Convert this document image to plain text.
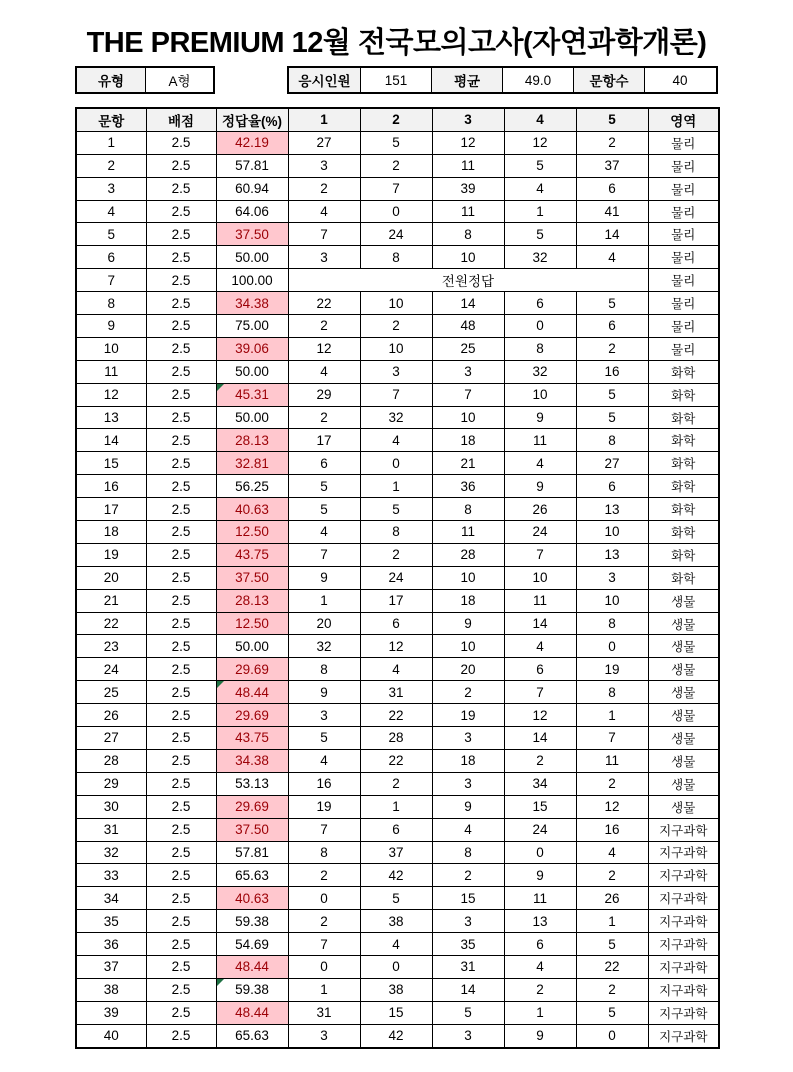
THE PREMIUM 12월 전국모의고사(자연과학개론)
유형	A형	응시인원	151	평균	49.0	문항수	40
문항	배점	정답율(%)	1	2	3	4	5	영역
1	2.5	42.19	27	5	12	12	2	물리
2	2.5	57.81	3	2	11	5	37	물리
3	2.5	60.94	2	7	39	4	6	물리
4	2.5	64.06	4	0	11	1	41	물리
5	2.5	37.50	7	24	8	5	14	물리
6	2.5	50.00	3	8	10	32	4	물리
7	2.5	100.00	전원정답					물리
8	2.5	34.38	22	10	14	6	5	물리
9	2.5	75.00	2	2	48	0	6	물리
10	2.5	39.06	12	10	25	8	2	물리
11	2.5	50.00	4	3	3	32	16	화학
12	2.5	45.31	29	7	7	10	5	화학
13	2.5	50.00	2	32	10	9	5	화학
14	2.5	28.13	17	4	18	11	8	화학
15	2.5	32.81	6	0	21	4	27	화학
16	2.5	56.25	5	1	36	9	6	화학
17	2.5	40.63	5	5	8	26	13	화학
18	2.5	12.50	4	8	11	24	10	화학
19	2.5	43.75	7	2	28	7	13	화학
20	2.5	37.50	9	24	10	10	3	화학
21	2.5	28.13	1	17	18	11	10	생물
22	2.5	12.50	20	6	9	14	8	생물
23	2.5	50.00	32	12	10	4	0	생물
24	2.5	29.69	8	4	20	6	19	생물
25	2.5	48.44	9	31	2	7	8	생물
26	2.5	29.69	3	22	19	12	1	생물
27	2.5	43.75	5	28	3	14	7	생물
28	2.5	34.38	4	22	18	2	11	생물
29	2.5	53.13	16	2	3	34	2	생물
30	2.5	29.69	19	1	9	15	12	생물
31	2.5	37.50	7	6	4	24	16	지구과학
32	2.5	57.81	8	37	8	0	4	지구과학
33	2.5	65.63	2	42	2	9	2	지구과학
34	2.5	40.63	0	5	15	11	26	지구과학
35	2.5	59.38	2	38	3	13	1	지구과학
36	2.5	54.69	7	4	35	6	5	지구과학
37	2.5	48.44	0	0	31	4	22	지구과학
38	2.5	59.38	1	38	14	2	2	지구과학
39	2.5	48.44	31	15	5	1	5	지구과학
40	2.5	65.63	3	42	3	9	0	지구과학
